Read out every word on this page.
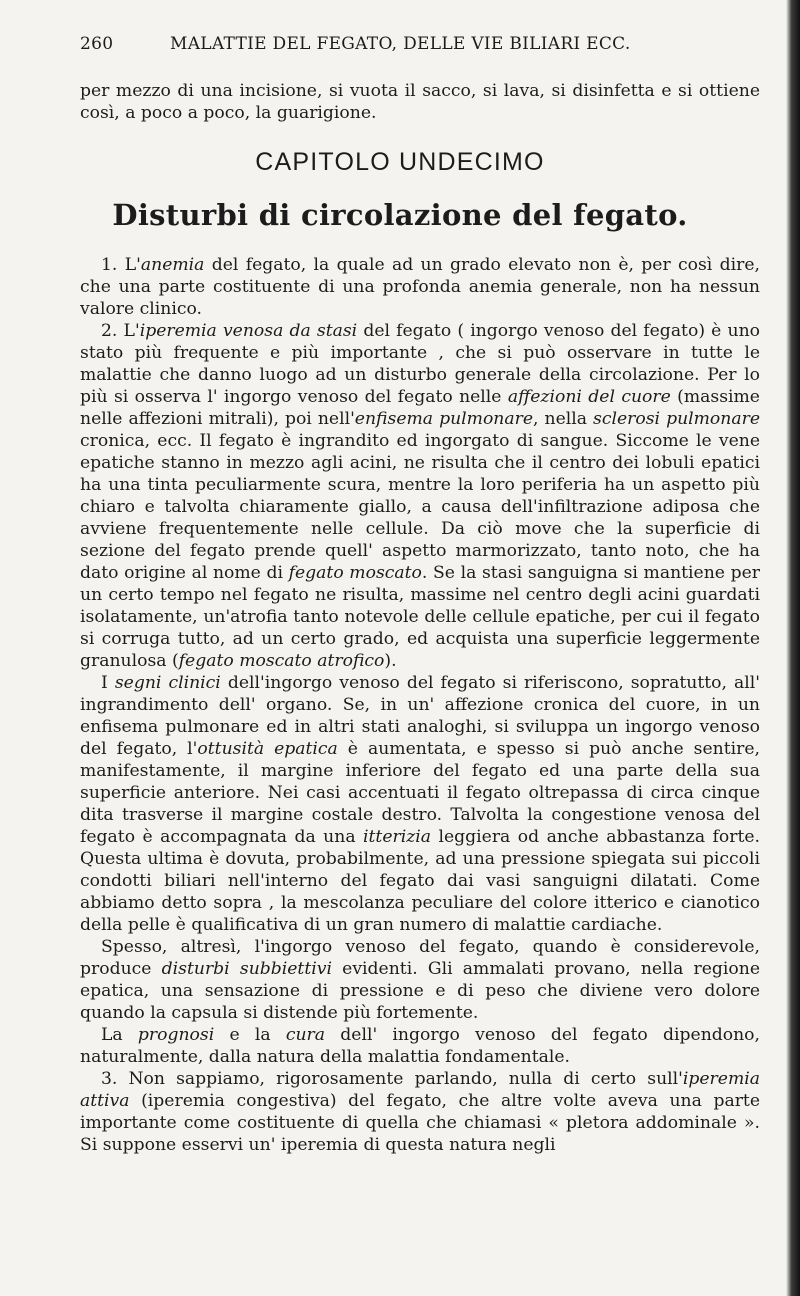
260	MALATTIE DEL FEGATO, DELLE VIE BILIARI ECC.

per mezzo di una incisione, si vuota il sacco, si lava, si disinfetta e si ottiene così, a poco a poco, la guarigione.

CAPITOLO UNDECIMO
Disturbi di circolazione del fegato.

1. L'anemia del fegato, la quale ad un grado elevato non è, per così dire, che una parte costituente di una profonda anemia generale, non ha nessun valore clinico.

2. L'iperemia venosa da stasi del fegato ( ingorgo venoso del fegato) è uno stato più frequente e più importante , che si può osservare in tutte le malattie che danno luogo ad un disturbo generale della circolazione. Per lo più si osserva l' ingorgo venoso del fegato nelle affezioni del cuore (massime nelle affezioni mitrali), poi nell'enfisema pulmonare, nella sclerosi pulmonare cronica, ecc. Il fegato è ingrandito ed ingorgato di sangue. Siccome le vene epatiche stanno in mezzo agli acini, ne risulta che il centro dei lobuli epatici ha una tinta peculiarmente scura, mentre la loro periferia ha un aspetto più chiaro e talvolta chiaramente giallo, a causa dell'infiltrazione adiposa che avviene frequentemente nelle cellule. Da ciò move che la superficie di sezione del fegato prende quell' aspetto marmorizzato, tanto noto, che ha dato origine al nome di fegato moscato. Se la stasi sanguigna si mantiene per un certo tempo nel fegato ne risulta, massime nel centro degli acini guardati isolatamente, un'atrofia tanto notevole delle cellule epatiche, per cui il fegato si corruga tutto, ad un certo grado, ed acquista una superficie leggermente granulosa (fegato moscato atrofico).

I segni clinici dell'ingorgo venoso del fegato si riferiscono, sopratutto, all' ingrandimento dell' organo. Se, in un' affezione cronica del cuore, in un enfisema pulmonare ed in altri stati analoghi, si sviluppa un ingorgo venoso del fegato, l'ottusità epatica è aumentata, e spesso si può anche sentire, manifestamente, il margine inferiore del fegato ed una parte della sua superficie anteriore. Nei casi accentuati il fegato oltrepassa di circa cinque dita trasverse il margine costale destro. Talvolta la congestione venosa del fegato è accompagnata da una itterizia leggiera od anche abbastanza forte. Questa ultima è dovuta, probabilmente, ad una pressione spiegata sui piccoli condotti biliari nell'interno del fegato dai vasi sanguigni dilatati. Come abbiamo detto sopra , la mescolanza peculiare del colore itterico e cianotico della pelle è qualificativa di un gran numero di malattie cardiache.

Spesso, altresì, l'ingorgo venoso del fegato, quando è considerevole, produce disturbi subbiettivi evidenti. Gli ammalati provano, nella regione epatica, una sensazione di pressione e di peso che diviene vero dolore quando la capsula si distende più fortemente.

La prognosi e la cura dell' ingorgo venoso del fegato dipendono, naturalmente, dalla natura della malattia fondamentale.

3. Non sappiamo, rigorosamente parlando, nulla di certo sull'iperemia attiva (iperemia congestiva) del fegato, che altre volte aveva una parte importante come costituente di quella che chiamasi « pletora addominale ». Si suppone esservi un' iperemia di questa natura negli
